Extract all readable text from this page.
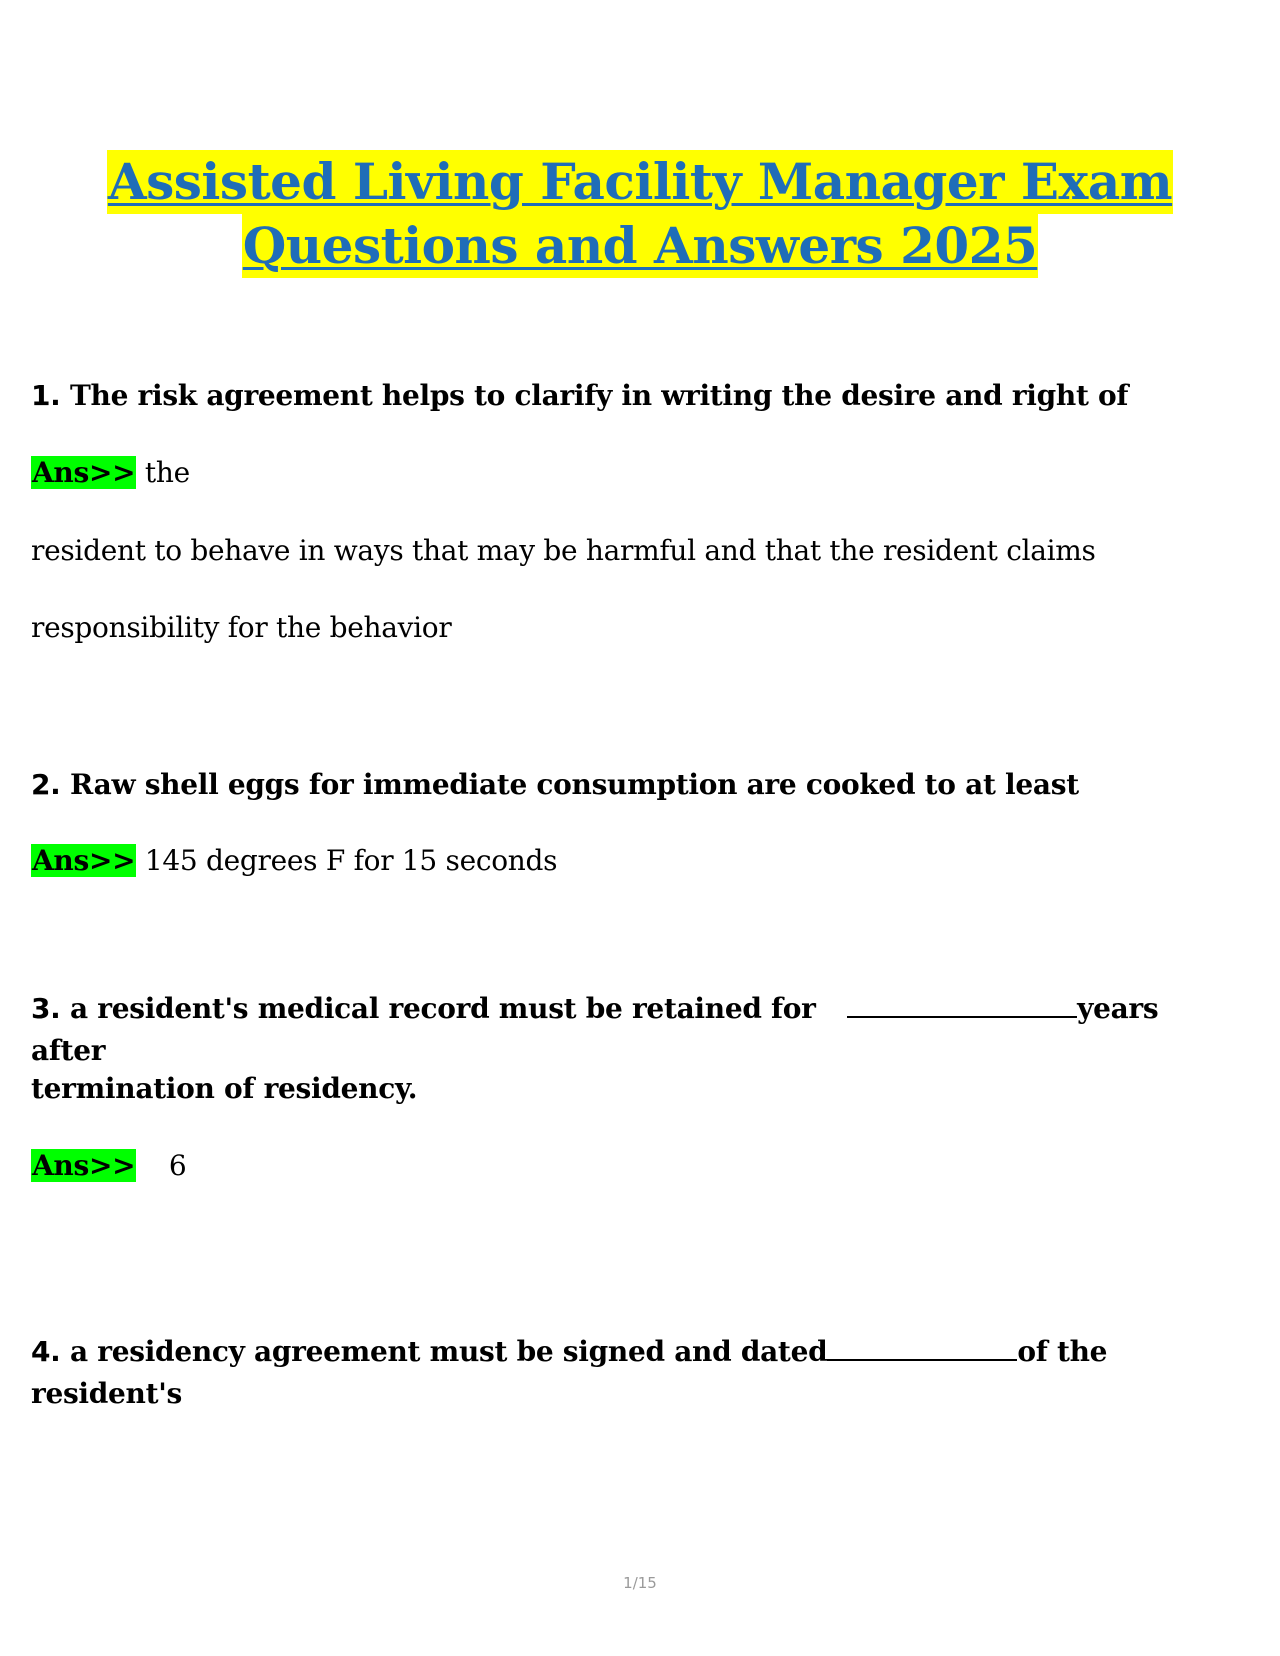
Assisted Living Facility Manager Exam
Questions and Answers 2025
1. The risk agreement helps to clarify in writing the desire and right of
Ans>> the
resident to behave in ways that may be harmful and that the resident claims
responsibility for the behavior
2. Raw shell eggs for immediate consumption are cooked to at least
Ans>> 145 degrees F for 15 seconds
3. a resident's medical record must be retained for	years after
termination of residency.
Ans>> 6
4. a residency agreement must be signed and dated	of the resident's
1/15
